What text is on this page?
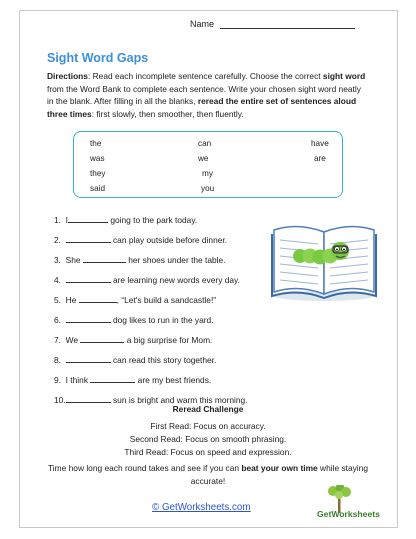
Name
Sight Word Gaps
Directions: Read each incomplete sentence carefully. Choose the correct sight word from the Word Bank to complete each sentence. Write your chosen sight word neatly in the blank. After filling in all the blanks, reread the entire set of sentences aloud three times: first slowly, then smoother, then fluently.
the	can	have
was	we	are
they	my
said	you
1. I	going to the park today.
2.	can play outside before dinner.
3. She	her shoes under the table.
4.	are learning new words every day.
5. He	, “Let's build a sandcastle!”
6.	dog likes to run in the yard.
7. We	a big surprise for Mom.
8.	can read this story together.
9. I think	are my best friends.
10.	sun is bright and warm this morning.
Reread Challenge
First Read: Focus on accuracy.
Second Read: Focus on smooth phrasing.
Third Read: Focus on speed and expression.
Time how long each round takes and see if you can beat your own time while staying accurate!
© GetWorksheets.com
GetWorksheets
